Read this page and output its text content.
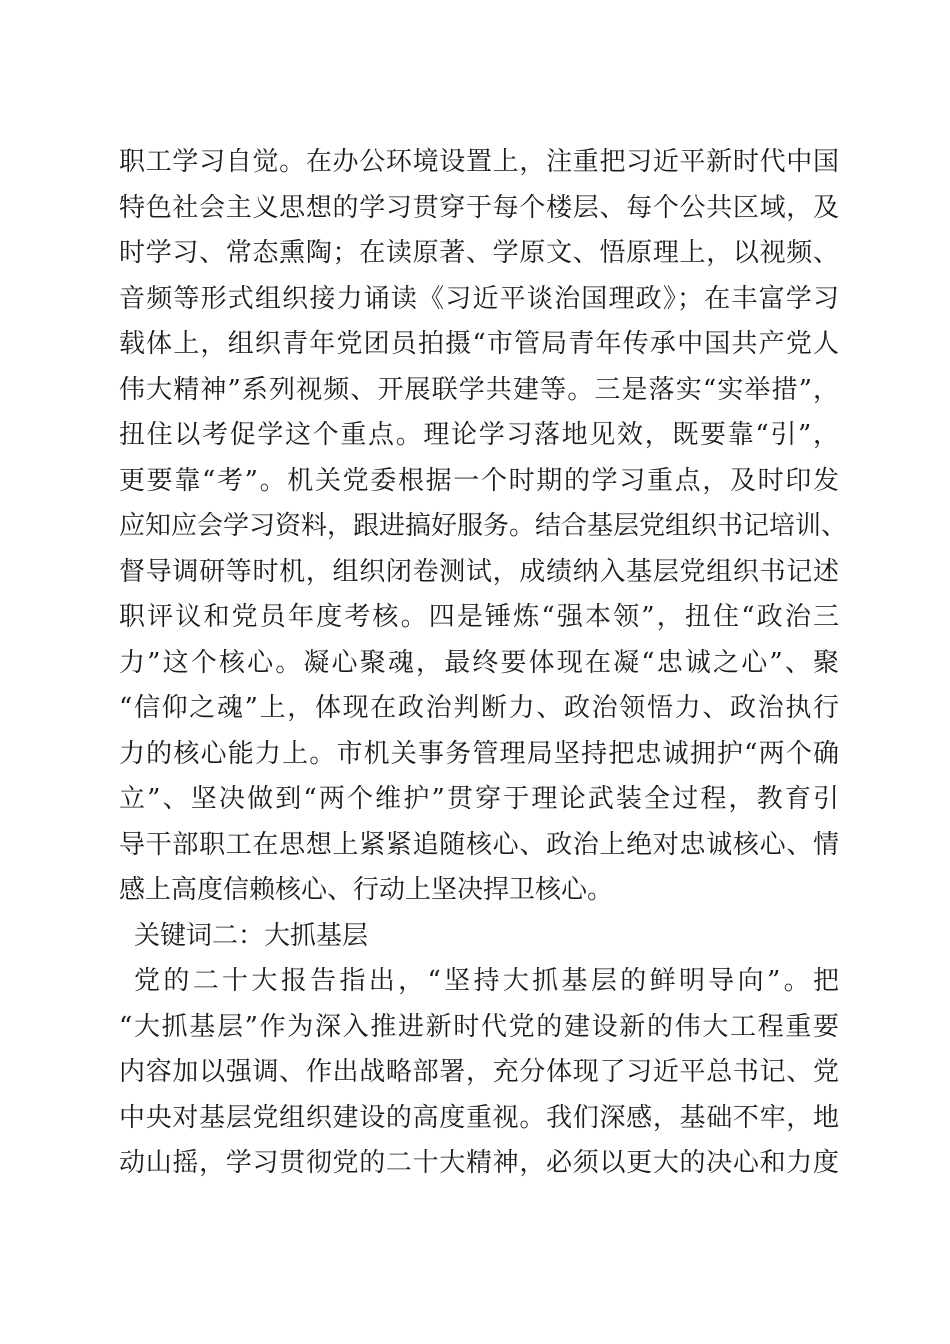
职工学习自觉。在办公环境设置上，注重把习近平新时代中国
特色社会主义思想的学习贯穿于每个楼层、每个公共区域，及
时学习、常态熏陶；在读原著、学原文、悟原理上，以视频、
音频等形式组织接力诵读《习近平谈治国理政》；在丰富学习
载体上，组织青年党团员拍摄“市管局青年传承中国共产党人
伟大精神”系列视频、开展联学共建等。三是落实“实举措”，
扭住以考促学这个重点。理论学习落地见效，既要靠“引”，
更要靠“考”。机关党委根据一个时期的学习重点，及时印发
应知应会学习资料，跟进搞好服务。结合基层党组织书记培训、
督导调研等时机，组织闭卷测试，成绩纳入基层党组织书记述
职评议和党员年度考核。四是锤炼“强本领”，扭住“政治三
力”这个核心。凝心聚魂，最终要体现在凝“忠诚之心”、聚
“信仰之魂”上，体现在政治判断力、政治领悟力、政治执行
力的核心能力上。市机关事务管理局坚持把忠诚拥护“两个确
立”、坚决做到“两个维护”贯穿于理论武装全过程，教育引
导干部职工在思想上紧紧追随核心、政治上绝对忠诚核心、情
感上高度信赖核心、行动上坚决捍卫核心。
关键词二：大抓基层
党的二十大报告指出，“坚持大抓基层的鲜明导向”。把
“大抓基层”作为深入推进新时代党的建设新的伟大工程重要
内容加以强调、作出战略部署，充分体现了习近平总书记、党
中央对基层党组织建设的高度重视。我们深感，基础不牢，地
动山摇，学习贯彻党的二十大精神，必须以更大的决心和力度
